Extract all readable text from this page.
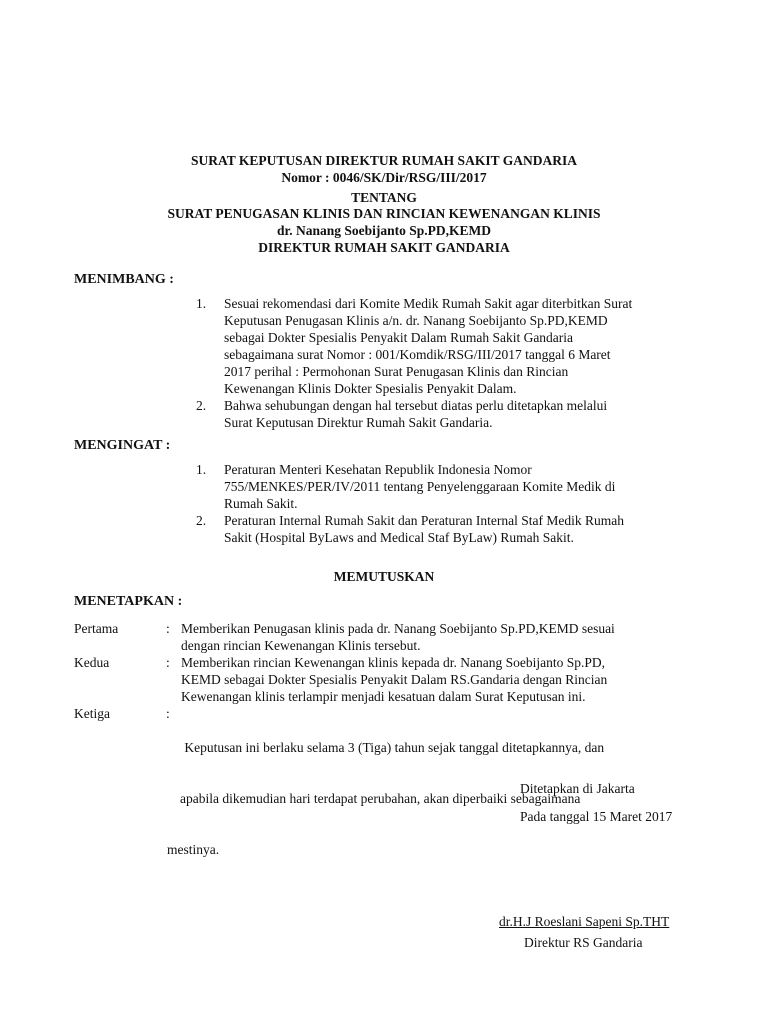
SURAT KEPUTUSAN DIREKTUR RUMAH SAKIT GANDARIA
Nomor : 0046/SK/Dir/RSG/III/2017
TENTANG
SURAT PENUGASAN KLINIS DAN RINCIAN KEWENANGAN KLINIS
dr. Nanang Soebijanto Sp.PD,KEMD
DIREKTUR RUMAH SAKIT GANDARIA
MENIMBANG :
1.	Sesuai rekomendasi dari Komite Medik Rumah Sakit agar diterbitkan Surat
Keputusan Penugasan Klinis a/n. dr. Nanang Soebijanto Sp.PD,KEMD
sebagai Dokter Spesialis Penyakit Dalam Rumah Sakit Gandaria
sebagaimana surat Nomor : 001/Komdik/RSG/III/2017 tanggal 6 Maret
2017 perihal : Permohonan Surat Penugasan Klinis dan Rincian
Kewenangan Klinis Dokter Spesialis Penyakit Dalam.
2.	Bahwa sehubungan dengan hal tersebut diatas perlu ditetapkan melalui
Surat Keputusan Direktur Rumah Sakit Gandaria.
MENGINGAT :
1.	Peraturan Menteri Kesehatan Republik Indonesia Nomor
755/MENKES/PER/IV/2011 tentang Penyelenggaraan Komite Medik di
Rumah Sakit.
2.	Peraturan Internal Rumah Sakit dan Peraturan Internal Staf Medik Rumah
Sakit (Hospital ByLaws and Medical Staf ByLaw) Rumah Sakit.
MEMUTUSKAN
MENETAPKAN :
Pertama	: Memberikan Penugasan klinis pada dr. Nanang Soebijanto Sp.PD,KEMD sesuai
dengan rincian Kewenangan Klinis tersebut.
Kedua	: Memberikan rincian Kewenangan klinis kepada dr. Nanang Soebijanto Sp.PD,
KEMD sebagai Dokter Spesialis Penyakit Dalam RS.Gandaria dengan Rincian
Kewenangan klinis terlampir menjadi kesatuan dalam Surat Keputusan ini.
Ketiga	:

Keputusan ini berlaku selama 3 (Tiga) tahun sejak tanggal ditetapkannya, dan

apabila dikemudian hari terdapat perubahan, akan diperbaiki sebagaimana

mestinya.

Ditetapkan di Jakarta
Pada tanggal 15 Maret 2017
dr.H.J Roeslani Sapeni Sp.THT
Direktur RS Gandaria
